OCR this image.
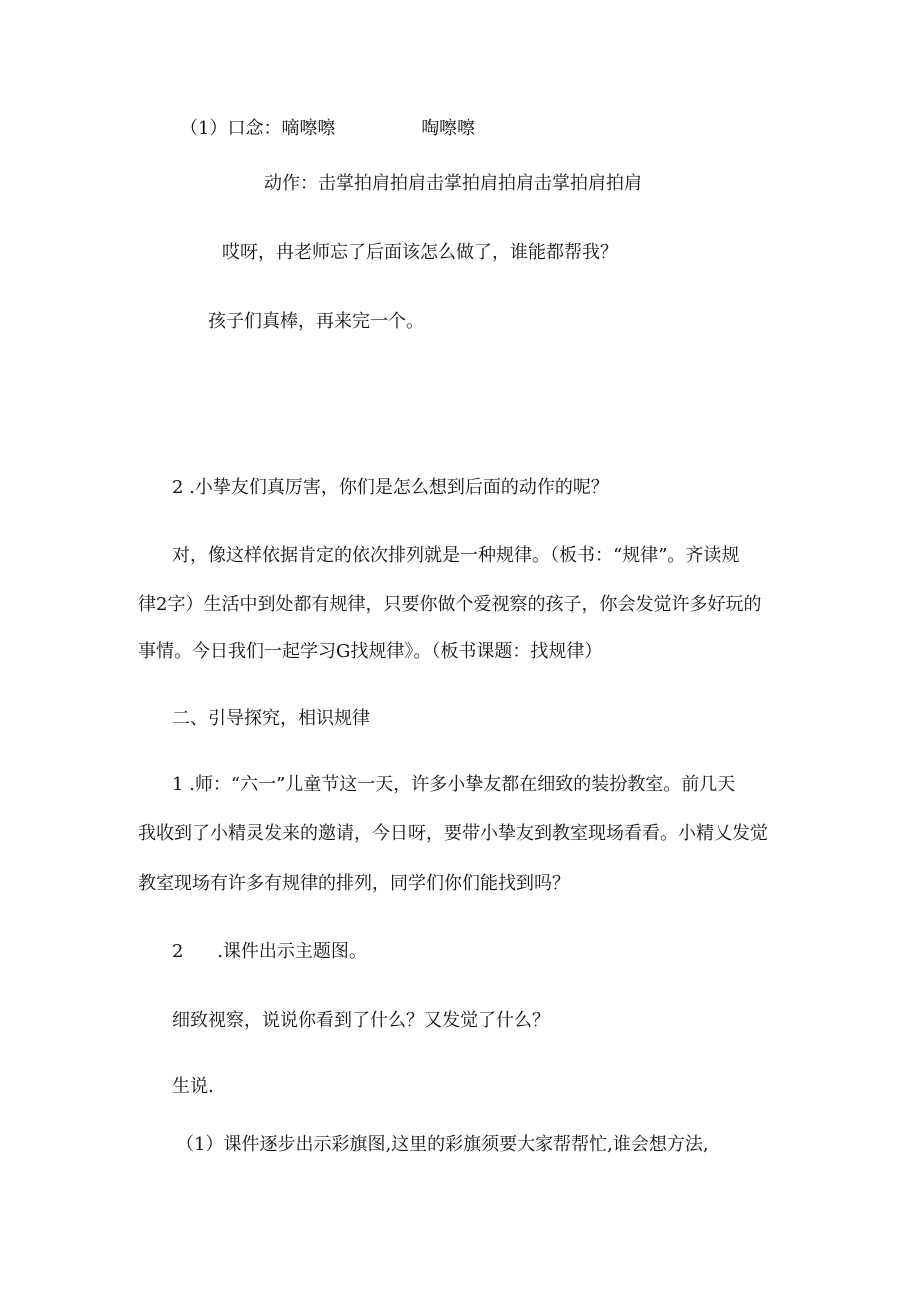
（1）口念：嘀嚓嚓	啕嚓嚓
动作：击掌拍肩拍肩击掌拍肩拍肩击掌拍肩拍肩
哎呀，冉老师忘了后面该怎么做了，谁能都帮我？
孩子们真棒，再来完一个。
2 .小挚友们真厉害，你们是怎么想到后面的动作的呢？
对，像这样依据肯定的依次排列就是一种规律。（板书：“规律”。齐读规
律2字）生活中到处都有规律，只要你做个爱视察的孩子，你会发觉许多好玩的
事情。今日我们一起学习G找规律》。（板书课题：找规律）
二、引导探究，相识规律
1 .师：“六一”儿童节这一天，许多小挚友都在细致的装扮教室。前几天
我收到了小精灵发来的邀请，今日呀，要带小挚友到教室现场看看。小精乂发觉
教室现场有许多有规律的排列，同学们你们能找到吗？
2 .课件出示主题图。
细致视察，说说你看到了什么？又发觉了什么？
生说.
（1）课件逐步出示彩旗图,这里的彩旗须要大家帮帮忙,谁会想方法,
